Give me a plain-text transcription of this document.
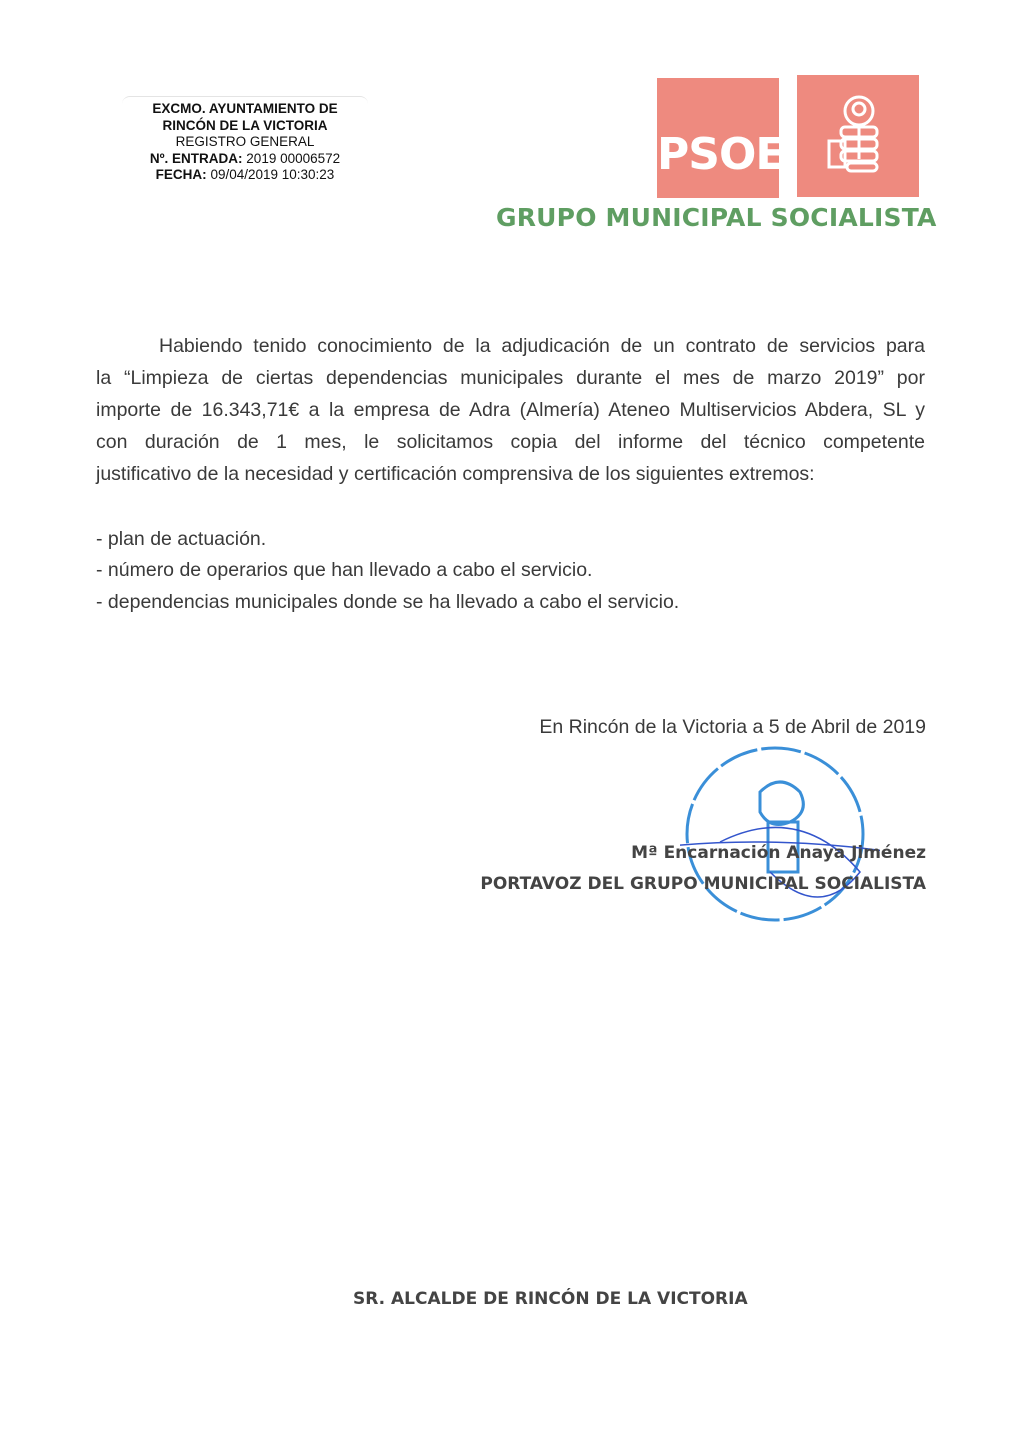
EXCMO. AYUNTAMIENTO DE
RINCÓN DE LA VICTORIA
REGISTRO GENERAL
Nº. ENTRADA: 2019 00006572
FECHA: 09/04/2019 10:30:23	PSOE
GRUPO MUNICIPAL SOCIALISTA
Habiendo tenido conocimiento de la adjudicación de un contrato de servicios para
la “Limpieza de ciertas dependencias municipales durante el mes de marzo 2019” por
importe de 16.343,71€ a la empresa de Adra (Almería) Ateneo Multiservicios Abdera, SL y
con duración de 1 mes, le solicitamos copia del informe del técnico competente
justificativo de la necesidad y certificación comprensiva de los siguientes extremos:
- plan de actuación.
- número de operarios que han llevado a cabo el servicio.
- dependencias municipales donde se ha llevado a cabo el servicio.
En Rincón de la Victoria a 5 de Abril de 2019
Mª Encarnación Anaya Jiménez
PORTAVOZ DEL GRUPO MUNICIPAL SOCIALISTA
SR. ALCALDE DE RINCÓN DE LA VICTORIA
